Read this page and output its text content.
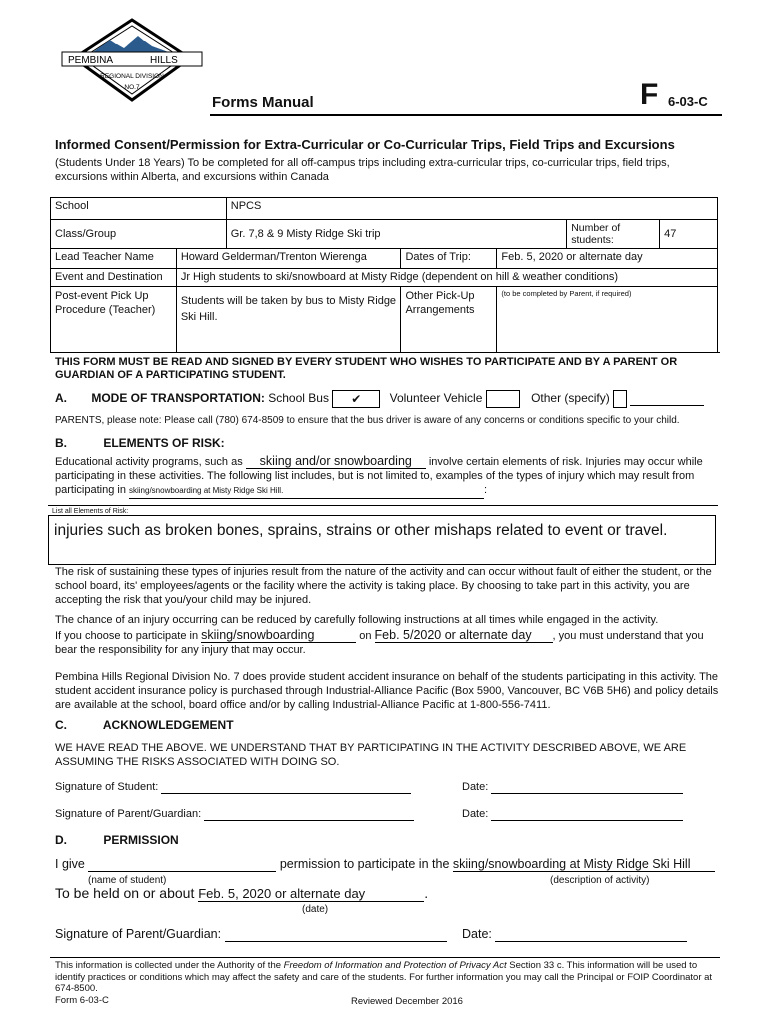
PEMBINA	HILLS
REGIONAL DIVISION
NO.7
Forms Manual	F 6-03-C
Informed Consent/Permission for Extra-Curricular or Co-Curricular Trips, Field Trips and Excursions
(Students Under 18 Years) To be completed for all off-campus trips including extra-curricular trips, co-curricular trips, field trips, excursions within Alberta, and excursions within Canada
School		NPCS				
Class/Group		Gr. 7,8 & 9 Misty Ridge Ski trip			Number of students:	47
Lead Teacher Name	Howard Gelderman/Trenton Wierenga		Dates of Trip:	Feb. 5, 2020 or alternate day		
Event and Destination	Jr High students to ski/snowboard at Misty Ridge (dependent on hill & weather conditions)					
Post-event Pick Up Procedure (Teacher)	Students will be taken by bus to Misty Ridge Ski Hill.		Other Pick-Up Arrangements	(to be completed by Parent, if required)		

THIS FORM MUST BE READ AND SIGNED BY EVERY STUDENT WHO WISHES TO PARTICIPATE AND BY A PARENT OR GUARDIAN OF A PARTICIPATING STUDENT.

A. MODE OF TRANSPORTATION: School Bus ✔ Volunteer Vehicle	Other (specify)

PARENTS, please note: Please call (780) 674-8509 to ensure that the bus driver is aware of any concerns or conditions specific to your child.

B.	ELEMENTS OF RISK:

Educational activity programs, such as skiing and/or snowboarding involve certain elements of risk. Injuries may occur while participating in these activities. The following list includes, but is not limited to, examples of the types of injury which may result from participating in skiing/snowboarding at Misty Ridge Ski Hill.	:

List all Elements of Risk:
injuries such as broken bones, sprains, strains or other mishaps related to event or travel.

The risk of sustaining these types of injuries result from the nature of the activity and can occur without fault of either the student, or the school board, its' employees/agents or the facility where the activity is taking place. By choosing to take part in this activity, you are accepting the risk that you/your child may be injured.

The chance of an injury occurring can be reduced by carefully following instructions at all times while engaged in the activity.

If you choose to participate in skiing/snowboarding	on Feb. 5/2020 or alternate day , you must understand that you
bear the responsibility for any injury that may occur.

Pembina Hills Regional Division No. 7 does provide student accident insurance on behalf of the students participating in this activity. The student accident insurance policy is purchased through Industrial-Alliance Pacific (Box 5900, Vancouver, BC V6B 5H6) and policy details are available at the school, board office and/or by calling Industrial-Alliance Pacific at 1-800-556-7411.

C.	ACKNOWLEDGEMENT

WE HAVE READ THE ABOVE. WE UNDERSTAND THAT BY PARTICIPATING IN THE ACTIVITY DESCRIBED ABOVE, WE ARE ASSUMING THE RISKS ASSOCIATED WITH DOING SO.

Signature of Student:	Date:
Signature of Parent/Guardian:	Date:
D.	PERMISSION
I give	permission to participate in the skiing/snowboarding at Misty Ridge Ski Hill
(name of student)	(description of activity)
To be held on or about Feb. 5, 2020 or alternate day	.
(date)
Signature of Parent/Guardian:	Date:

This information is collected under the Authority of the Freedom of Information and Protection of Privacy Act Section 33 c. This information will be used to identify practices or conditions which may affect the safety and care of the students. For further information you may call the Principal or FOIP Coordinator at 674-8500.

Form 6-03-C	Reviewed December 2016
